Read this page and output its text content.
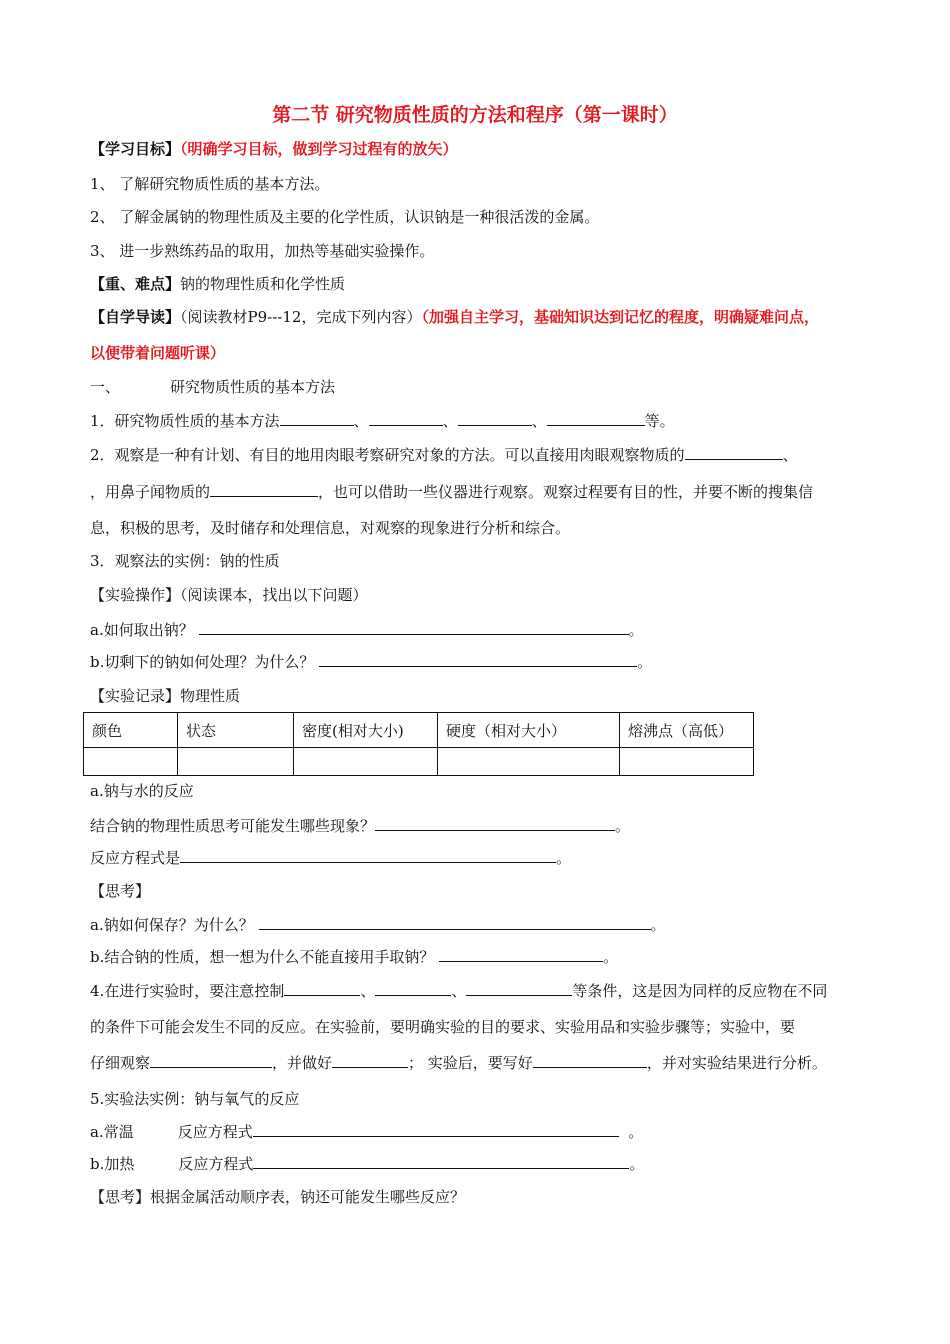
第二节 研究物质性质的方法和程序（第一课时）
【学习目标】（明确学习目标，做到学习过程有的放矢）
1、 了解研究物质性质的基本方法。
2、 了解金属钠的物理性质及主要的化学性质，认识钠是一种很活泼的金属。
3、 进一步熟练药品的取用，加热等基础实验操作。
【重、难点】钠的物理性质和化学性质
【自学导读】（阅读教材P9---12，完成下列内容）（加强自主学习，基础知识达到记忆的程度，明确疑难问点，
以便带着问题听课）
一、	研究物质性质的基本方法
1．研究物质性质的基本方法	、	、	、	等。
2．观察是一种有计划、有目的地用肉眼考察研究对象的方法。可以直接用肉眼观察物质的	、
，用鼻子闻物质的	，也可以借助一些仪器进行观察。观察过程要有目的性，并要不断的搜集信
息，积极的思考，及时储存和处理信息，对观察的现象进行分析和综合。
3．观察法的实例：钠的性质
【实验操作】（阅读课本，找出以下问题）
a.如何取出钠？	。
b.切剩下的钠如何处理？为什么？	。
【实验记录】物理性质
颜色	状态	密度(相对大小)	硬度（相对大小）	熔沸点（高低）

a.钠与水的反应
结合钠的物理性质思考可能发生哪些现象？	。
反应方程式是	。
【思考】
a.钠如何保存？为什么？	。
b.结合钠的性质，想一想为什么不能直接用手取钠？	。
4.在进行实验时，要注意控制	、	、	等条件，这是因为同样的反应物在不同
的条件下可能会发生不同的反应。在实验前，要明确实验的目的要求、实验用品和实验步骤等；实验中，要
仔细观察	，并做好	； 实验后，要写好	，并对实验结果进行分析。
5.实验法实例：钠与氧气的反应
a.常温	反应方程式	。
b.加热	反应方程式	。
【思考】根据金属活动顺序表，钠还可能发生哪些反应？
